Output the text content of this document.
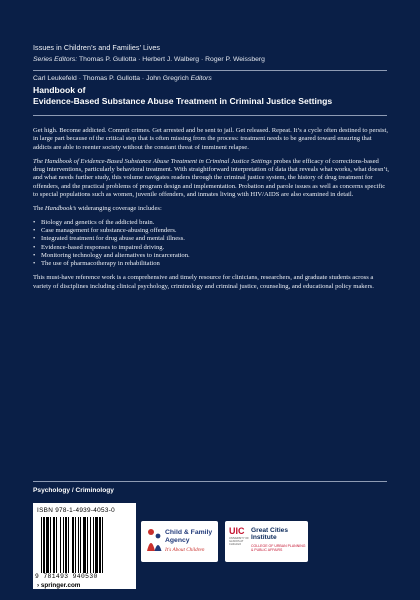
Issues in Children’s and Families’ Lives
Series Editors: Thomas P. Gullotta · Herbert J. Walberg · Roger P. Weissberg
Carl Leukefeld · Thomas P. Gullotta · John Gregrich Editors
Handbook of
Evidence-Based Substance Abuse Treatment in Criminal Justice Settings

Get high. Become addicted. Commit crimes. Get arrested and be sent to jail. Get released. Repeat. It’s a cycle often destined to persist, in large part because of the critical step that is often missing from the process: treatment needs to be geared toward ensuring that addicts are able to reenter society without the constant threat of imminent relapse.

The Handbook of Evidence-Based Substance Abuse Treatment in Criminal Justice Settings probes the efficacy of corrections-based drug interventions, particularly behavioral treatment. With straightforward interpretation of data that reveals what works, what doesn’t, and what needs further study, this volume navigates readers through the criminal justice system, the history of drug treatment for offenders, and the practical problems of program design and implementation. Probation and parole issues as well as concerns specific to special populations such as women, juvenile offenders, and inmates living with HIV/AIDS are also examined in detail.

The Handbook’s wideranging coverage includes:

• Biology and genetics of the addicted brain.
• Case management for substance-abusing offenders.
• Integrated treatment for drug abuse and mental illness.
• Evidence-based responses to impaired driving.
• Monitoring technology and alternatives to incarceration.
• The use of pharmacotherapy in rehabilitation

This must-have reference work is a comprehensive and timely resource for clinicians, researchers, and graduate students across a variety of disciplines including clinical psychology, criminology and criminal justice, counseling, and educational policy makers.

Psychology / Criminology
ISBN 978-1-4939-4053-0
9 781493 940530
› springer.com
Child & Family
Agency
It's About Children
UIC
UNIVERSITY OF ILLINOIS AT CHICAGO
Great Cities
Institute
COLLEGE OF URBAN PLANNING
& PUBLIC AFFAIRS
